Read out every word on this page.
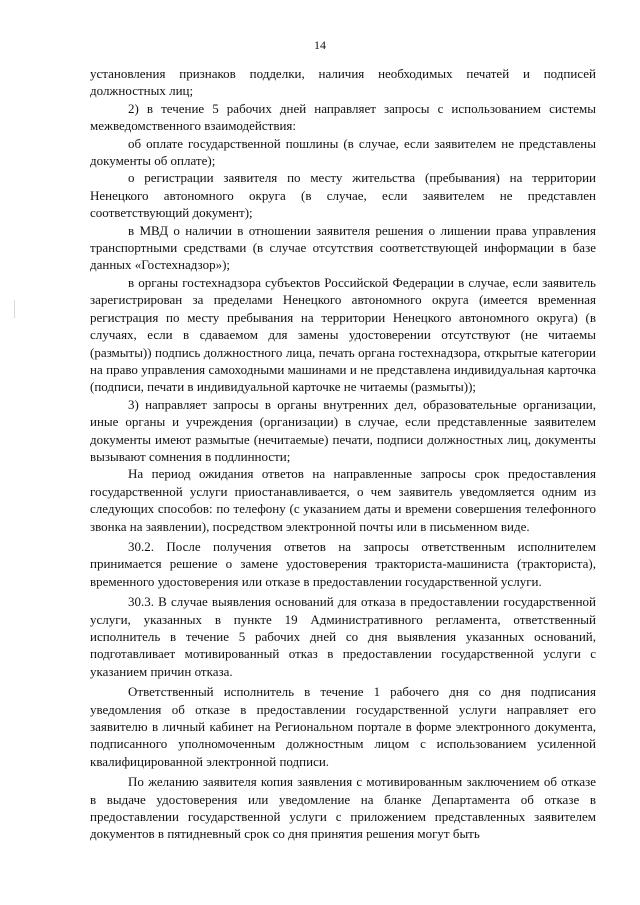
14

установления признаков подделки, наличия необходимых печатей и подписей должностных лиц;

2) в течение 5 рабочих дней направляет запросы с использованием системы межведомственного взаимодействия:

об оплате государственной пошлины (в случае, если заявителем не представлены документы об оплате);

о регистрации заявителя по месту жительства (пребывания) на территории Ненецкого автономного округа (в случае, если заявителем не представлен соответствующий документ);

в МВД о наличии в отношении заявителя решения о лишении права управления транспортными средствами (в случае отсутствия соответствующей информации в базе данных «Гостехнадзор»);

в органы гостехнадзора субъектов Российской Федерации в случае, если заявитель зарегистрирован за пределами Ненецкого автономного округа (имеется временная регистрация по месту пребывания на территории Ненецкого автономного округа) (в случаях, если в сдаваемом для замены удостоверении отсутствуют (не читаемы (размыты)) подпись должностного лица, печать органа гостехнадзора, открытые категории на право управления самоходными машинами и не представлена индивидуальная карточка (подписи, печати в индивидуальной карточке не читаемы (размыты));

3) направляет запросы в органы внутренних дел, образовательные организации, иные органы и учреждения (организации) в случае, если представленные заявителем документы имеют размытые (нечитаемые) печати, подписи должностных лиц, документы вызывают сомнения в подлинности;

На период ожидания ответов на направленные запросы срок предоставления государственной услуги приостанавливается, о чем заявитель уведомляется одним из следующих способов: по телефону (с указанием даты и времени совершения телефонного звонка на заявлении), посредством электронной почты или в письменном виде.

30.2. После получения ответов на запросы ответственным исполнителем принимается решение о замене удостоверения тракториста-машиниста (тракториста), временного удостоверения или отказе в предоставлении государственной услуги.

30.3. В случае выявления оснований для отказа в предоставлении государственной услуги, указанных в пункте 19 Административного регламента, ответственный исполнитель в течение 5 рабочих дней со дня выявления указанных оснований, подготавливает мотивированный отказ в предоставлении государственной услуги с указанием причин отказа.

Ответственный исполнитель в течение 1 рабочего дня со дня подписания уведомления об отказе в предоставлении государственной услуги направляет его заявителю в личный кабинет на Региональном портале в форме электронного документа, подписанного уполномоченным должностным лицом с использованием усиленной квалифицированной электронной подписи.

По желанию заявителя копия заявления с мотивированным заключением об отказе в выдаче удостоверения или уведомление на бланке Департамента об отказе в предоставлении государственной услуги с приложением представленных заявителем документов в пятидневный срок со дня принятия решения могут быть
